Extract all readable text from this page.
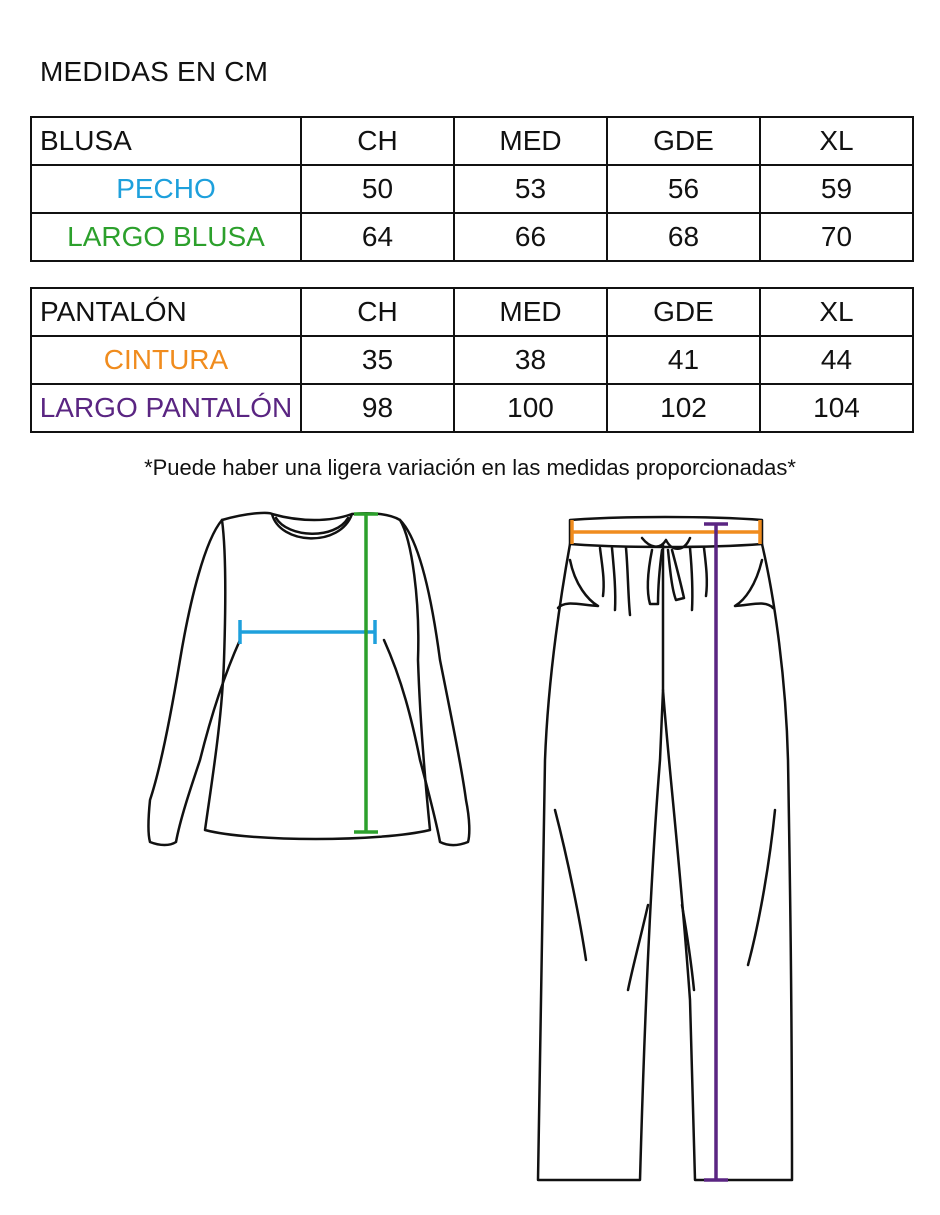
MEDIDAS EN CM
BLUSA	CH	MED	GDE	XL
PECHO	50	53	56	59
LARGO BLUSA	64	66	68	70
PANTALÓN	CH	MED	GDE	XL
CINTURA	35	38	41	44
LARGO PANTALÓN	98	100	102	104
*Puede haber una ligera variación en las medidas proporcionadas*
